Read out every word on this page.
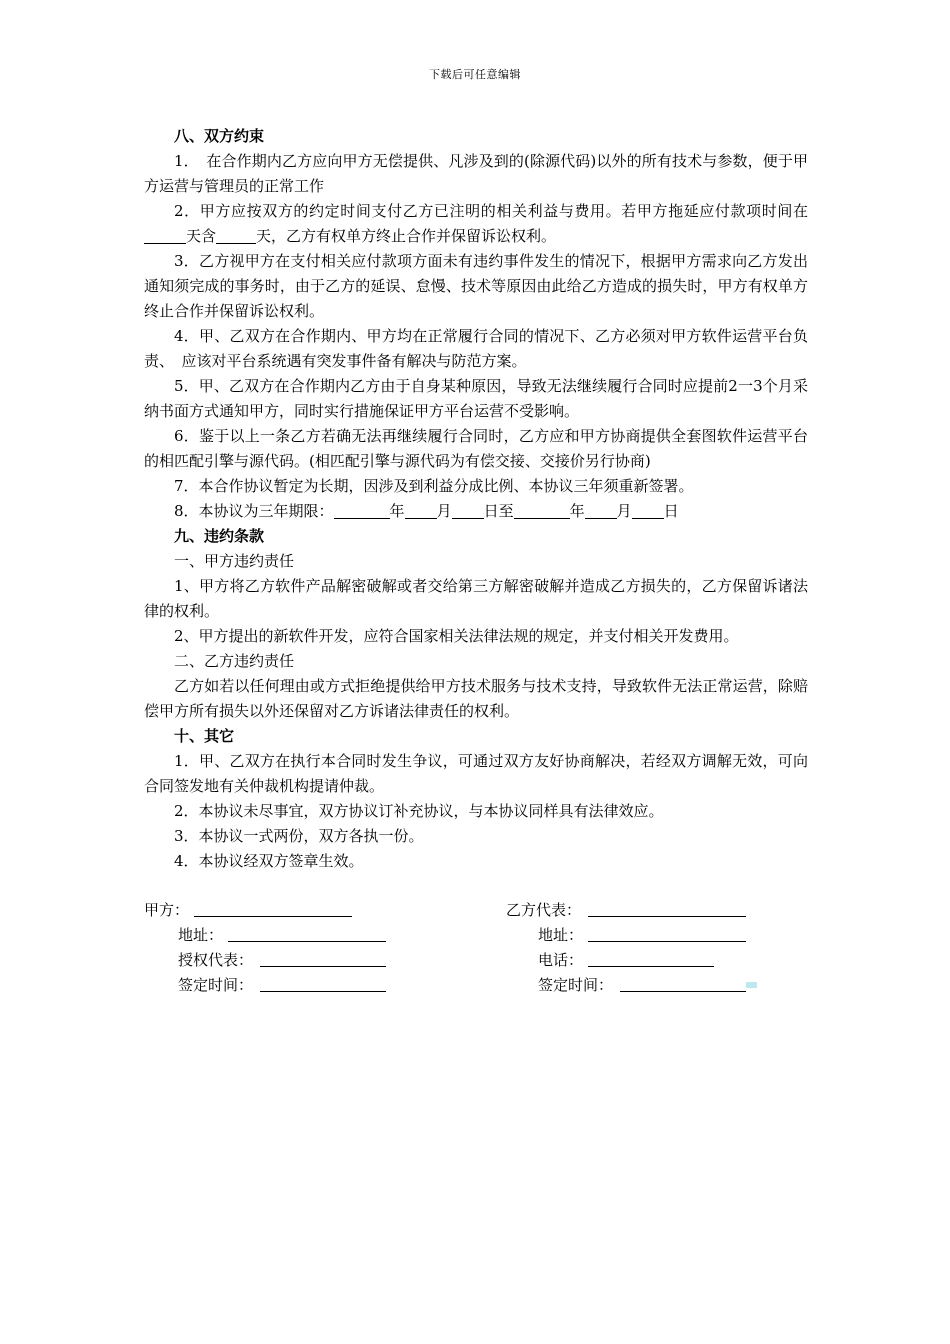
下载后可任意编辑

八、双方约束

1．　在合作期内乙方应向甲方无偿提供、凡涉及到的(除源代码)以外的所有技术与参数，便于甲方运营与管理员的正常工作

2．甲方应按双方的约定时间支付乙方已注明的相关利益与费用。若甲方拖延应付款项时间在天含	天，乙方有权单方终止合作并保留诉讼权利。

3．乙方视甲方在支付相关应付款项方面未有违约事件发生的情况下，根据甲方需求向乙方发出通知须完成的事务时，由于乙方的延误、怠慢、技术等原因由此给乙方造成的损失时，甲方有权单方终止合作并保留诉讼权利。

4．甲、乙双方在合作期内、甲方均在正常履行合同的情况下、乙方必须对甲方软件运营平台负责、　应该对平台系统遇有突发事件备有解决与防范方案。

5．甲、乙双方在合作期内乙方由于自身某种原因，导致无法继续履行合同时应提前2一3个月采纳书面方式通知甲方，同时实行措施保证甲方平台运营不受影响。

6．鉴于以上一条乙方若确无法再继续履行合同时，乙方应和甲方协商提供全套图软件运营平台的相匹配引擎与源代码。(相匹配引擎与源代码为有偿交接、交接价另行协商)

7．本合作协议暂定为长期，因涉及到利益分成比例、本协议三年须重新签署。

8．本协议为三年期限：	年 月 日至	年 月 日

九、违约条款

一、甲方违约责任

1、甲方将乙方软件产品解密破解或者交给第三方解密破解并造成乙方损失的，乙方保留诉诸法律的权利。

2、甲方提出的新软件开发，应符合国家相关法律法规的规定，并支付相关开发费用。

二、乙方违约责任

乙方如若以任何理由或方式拒绝提供给甲方技术服务与技术支持，导致软件无法正常运营，除赔偿甲方所有损失以外还保留对乙方诉诸法律责任的权利。

十、其它

1．甲、乙双方在执行本合同时发生争议，可通过双方友好协商解决，若经双方调解无效，可向合同签发地有关仲裁机构提请仲裁。

2．本协议未尽事宜，双方协议订补充协议，与本协议同样具有法律效应。

3．本协议一式两份，双方各执一份。

4．本协议经双方签章生效。

甲方：	乙方代表：
地址：	地址：
授权代表：	电话：
签定时间：	签定时间：
